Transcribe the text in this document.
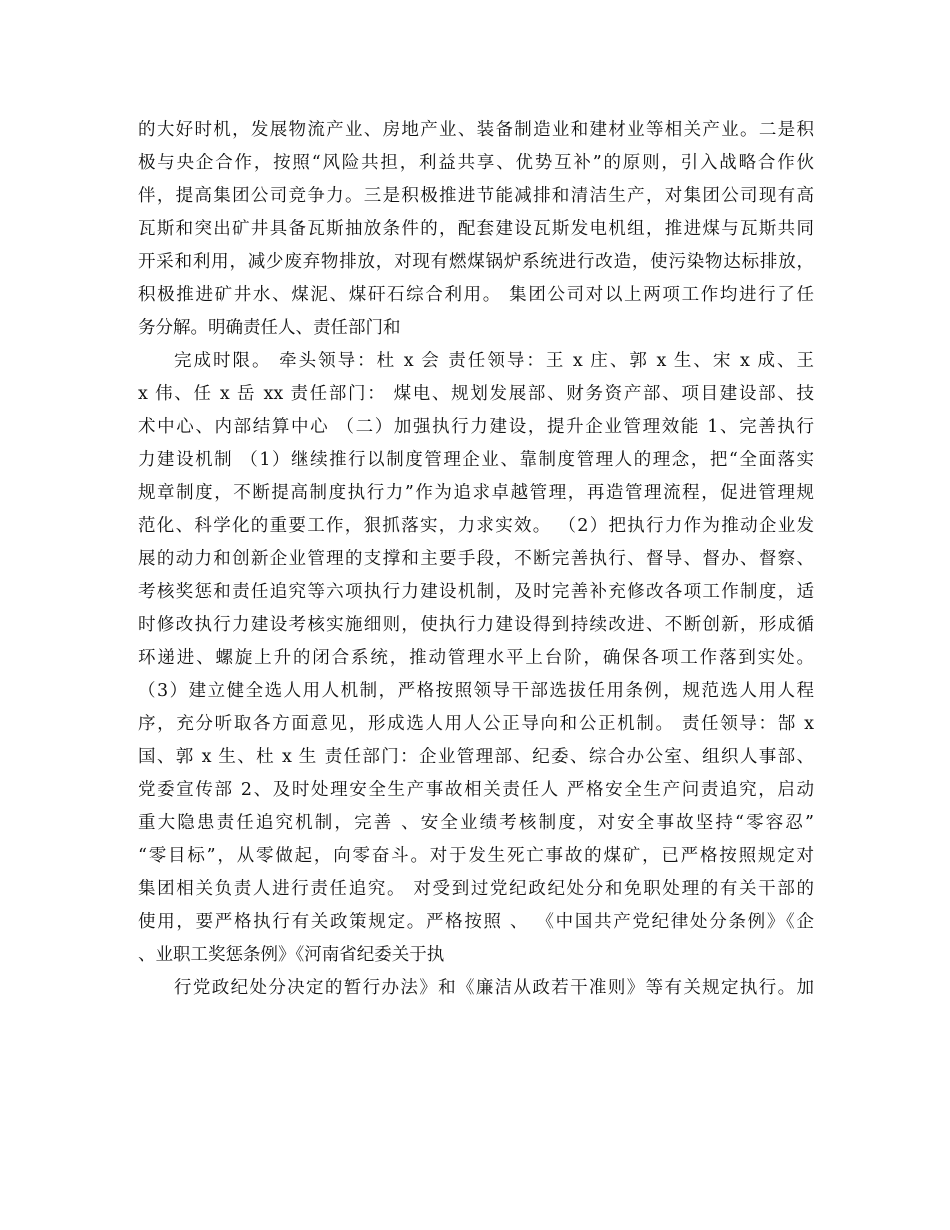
的大好时机，发展物流产业、房地产业、装备制造业和建材业等相关产业。二是积
极与央企合作，按照“风险共担，利益共享、优势互补”的原则，引入战略合作伙
伴，提高集团公司竞争力。三是积极推进节能减排和清洁生产，对集团公司现有高
瓦斯和突出矿井具备瓦斯抽放条件的，配套建设瓦斯发电机组，推进煤与瓦斯共同
开采和利用，减少废弃物排放，对现有燃煤锅炉系统进行改造，使污染物达标排放，
积极推进矿井水、煤泥、煤矸石综合利用。 集团公司对以上两项工作均进行了任
务分解。明确责任人、责任部门和
完成时限。 牵头领导：杜 x 会 责任领导：王 x 庄、郭 x 生、宋 x 成、王
x 伟、任 x 岳 xx 责任部门： 煤电、规划发展部、财务资产部、项目建设部、技
术中心、内部结算中心 （二）加强执行力建设，提升企业管理效能 1、完善执行
力建设机制 （1）继续推行以制度管理企业、靠制度管理人的理念，把“全面落实
规章制度，不断提高制度执行力”作为追求卓越管理，再造管理流程，促进管理规
范化、科学化的重要工作，狠抓落实，力求实效。 （2）把执行力作为推动企业发
展的动力和创新企业管理的支撑和主要手段，不断完善执行、督导、督办、督察、
考核奖惩和责任追究等六项执行力建设机制，及时完善补充修改各项工作制度，适
时修改执行力建设考核实施细则，使执行力建设得到持续改进、不断创新，形成循
环递进、螺旋上升的闭合系统，推动管理水平上台阶，确保各项工作落到实处。
（3）建立健全选人用人机制，严格按照领导干部选拔任用条例，规范选人用人程
序，充分听取各方面意见，形成选人用人公正导向和公正机制。 责任领导：郜 x
国、郭 x 生、杜 x 生 责任部门：企业管理部、纪委、综合办公室、组织人事部、
党委宣传部 2、及时处理安全生产事故相关责任人 严格安全生产问责追究，启动
重大隐患责任追究机制，完善 、安全业绩考核制度，对安全事故坚持“零容忍”
“零目标”，从零做起，向零奋斗。对于发生死亡事故的煤矿，已严格按照规定对
集团相关负责人进行责任追究。 对受到过党纪政纪处分和免职处理的有关干部的
使用，要严格执行有关政策规定。严格按照 、 《中国共产党纪律处分条例》《企
、业职工奖惩条例》《河南省纪委关于执
行党政纪处分决定的暂行办法》和《廉洁从政若干准则》等有关规定执行。加
